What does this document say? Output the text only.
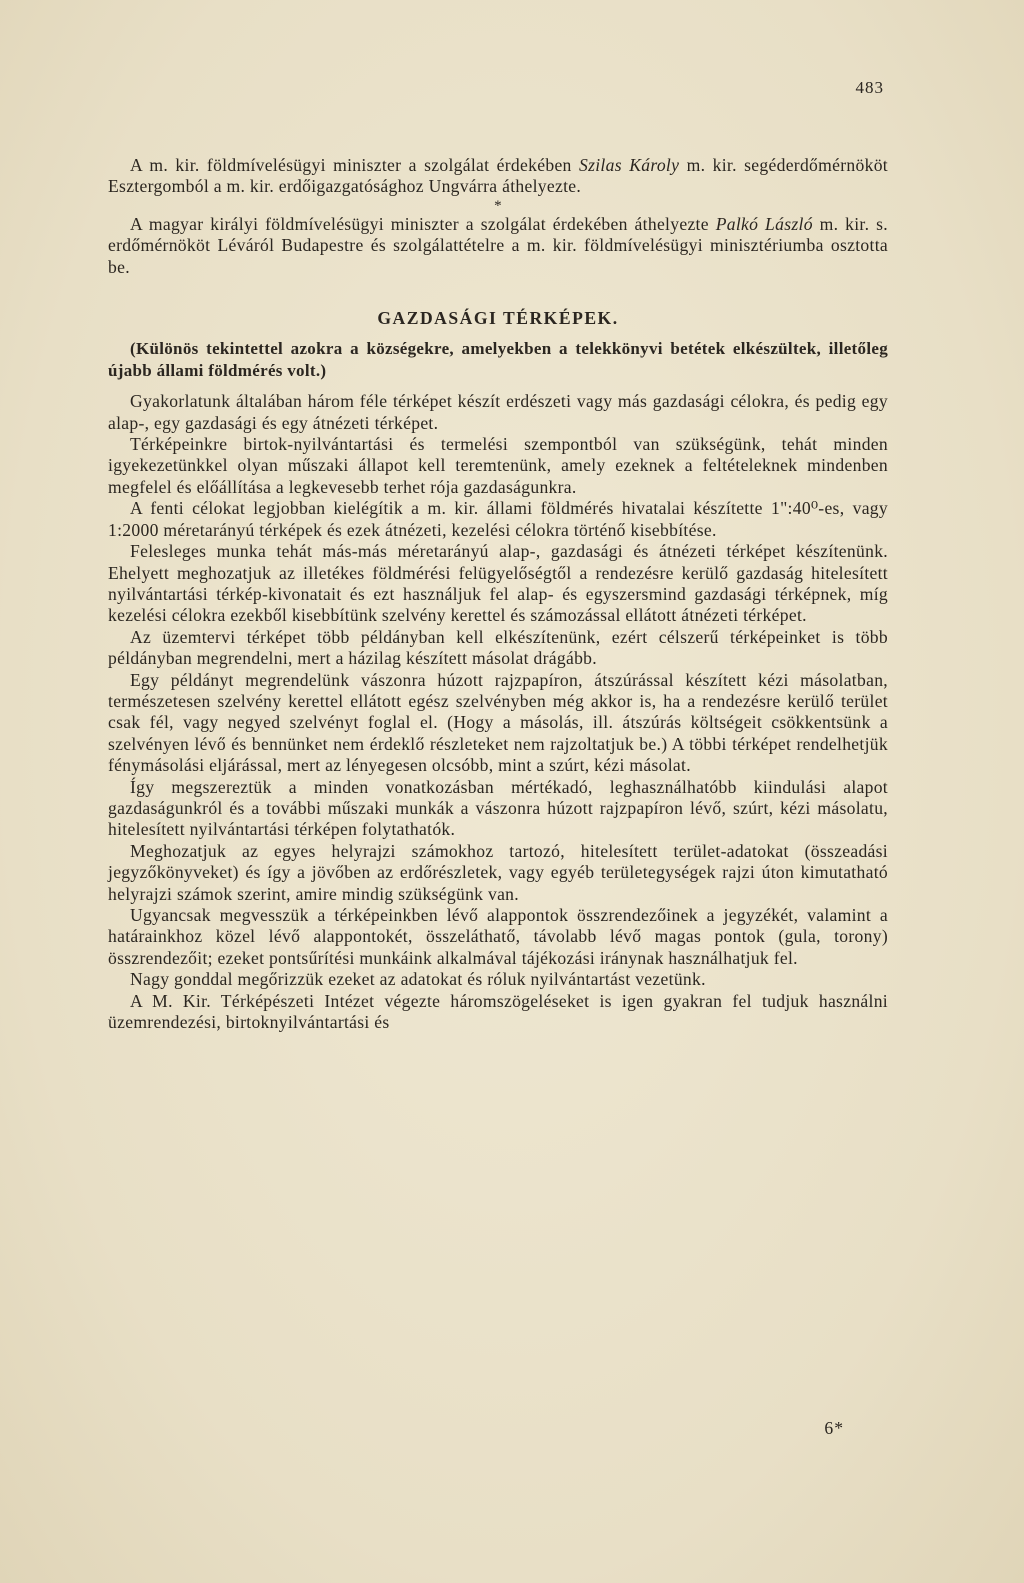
483

A m. kir. földmívelésügyi miniszter a szolgálat érdekében Szilas Károly m. kir. segéderdőmérnököt Esztergomból a m. kir. erdőigazgatósághoz Ungvárra áthelyezte.

*

A magyar királyi földmívelésügyi miniszter a szolgálat érdekében áthelyezte Palkó László m. kir. s. erdőmérnököt Léváról Budapestre és szolgálattételre a m. kir. földmívelésügyi minisztériumba osztotta be.

GAZDASÁGI TÉRKÉPEK.

(Különös tekintettel azokra a községekre, amelyekben a telekkönyvi betétek elkészültek, illetőleg újabb állami földmérés volt.)

Gyakorlatunk általában három féle térképet készít erdészeti vagy más gazdasági célokra, és pedig egy alap-, egy gazdasági és egy átnézeti térképet.

Térképeinkre birtok-nyilvántartási és termelési szempontból van szükségünk, tehát minden igyekezetünkkel olyan műszaki állapot kell teremtenünk, amely ezeknek a feltételeknek mindenben megfelel és előállítása a legkevesebb terhet rója gazdaságunkra.

A fenti célokat legjobban kielégítik a m. kir. állami földmérés hivatalai készítette 1":40⁰-es, vagy 1:2000 méretarányú térképek és ezek átnézeti, kezelési célokra történő kisebbítése.

Felesleges munka tehát más-más méretarányú alap-, gazdasági és átnézeti térképet készítenünk. Ehelyett meghozatjuk az illetékes földmérési felügyelőségtől a rendezésre kerülő gazdaság hitelesített nyilvántartási térkép-kivonatait és ezt használjuk fel alap- és egyszersmind gazdasági térképnek, míg kezelési célokra ezekből kisebbítünk szelvény kerettel és számozással ellátott átnézeti térképet.

Az üzemtervi térképet több példányban kell elkészítenünk, ezért célszerű térképeinket is több példányban megrendelni, mert a házilag készített másolat drágább.

Egy példányt megrendelünk vászonra húzott rajzpapíron, átszúrással készített kézi másolatban, természetesen szelvény kerettel ellátott egész szelvényben még akkor is, ha a rendezésre kerülő terület csak fél, vagy negyed szelvényt foglal el. (Hogy a másolás, ill. átszúrás költségeit csökkentsünk a szelvényen lévő és bennünket nem érdeklő részleteket nem rajzoltatjuk be.) A többi térképet rendelhetjük fénymásolási eljárással, mert az lényegesen olcsóbb, mint a szúrt, kézi másolat.

Így megszereztük a minden vonatkozásban mértékadó, leghasználhatóbb kiindulási alapot gazdaságunkról és a további műszaki munkák a vászonra húzott rajzpapíron lévő, szúrt, kézi másolatu, hitelesített nyilvántartási térképen folytathatók.

Meghozatjuk az egyes helyrajzi számokhoz tartozó, hitelesített terület-adatokat (összeadási jegyzőkönyveket) és így a jövőben az erdőrészletek, vagy egyéb területegységek rajzi úton kimutatható helyrajzi számok szerint, amire mindig szükségünk van.

Ugyancsak megvesszük a térképeinkben lévő alappontok összrendezőinek a jegyzékét, valamint a határainkhoz közel lévő alappontokét, összeláthatő, távolabb lévő magas pontok (gula, torony) összrendezőit; ezeket pontsűrítési munkáink alkalmával tájékozási iránynak használhatjuk fel.

Nagy gonddal megőrizzük ezeket az adatokat és róluk nyilvántartást vezetünk.

A M. Kir. Térképészeti Intézet végezte háromszögeléseket is igen gyakran fel tudjuk használni üzemrendezési, birtoknyilvántartási és

6*
